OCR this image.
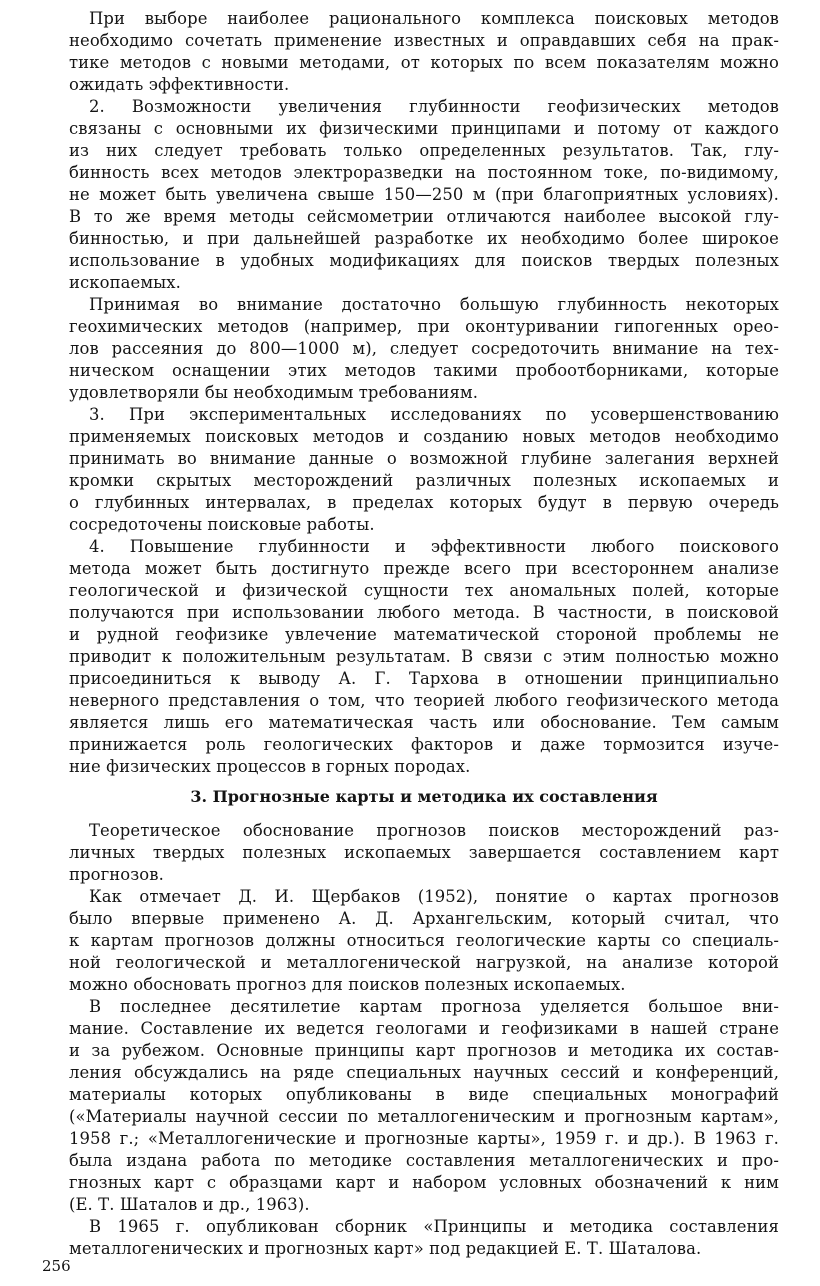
При выборе наиболее рационального комплекса поисковых методов
необходимо сочетать применение известных и оправдавших себя на прак-
тике методов с новыми методами, от которых по всем показателям можно
ожидать эффективности.
2. Возможности увеличения глубинности геофизических методов
связаны с основными их физическими принципами и потому от каждого
из них следует требовать только определенных результатов. Так, глу-
бинность всех методов электроразведки на постоянном токе, по-видимому,
не может быть увеличена свыше 150—250 м (при благоприятных условиях).
В то же время методы сейсмометрии отличаются наиболее высокой глу-
бинностью, и при дальнейшей разработке их необходимо более широкое
использование в удобных модификациях для поисков твердых полезных
ископаемых.
Принимая во внимание достаточно большую глубинность некоторых
геохимических методов (например, при оконтуривании гипогенных орео-
лов рассеяния до 800—1000 м), следует сосредоточить внимание на тех-
ническом оснащении этих методов такими пробоотборниками, которые
удовлетворяли бы необходимым требованиям.
3. При экспериментальных исследованиях по усовершенствованию
применяемых поисковых методов и созданию новых методов необходимо
принимать во внимание данные о возможной глубине залегания верхней
кромки скрытых месторождений различных полезных ископаемых и
о глубинных интервалах, в пределах которых будут в первую очередь
сосредоточены поисковые работы.
4. Повышение глубинности и эффективности любого поискового
метода может быть достигнуто прежде всего при всестороннем анализе
геологической и физической сущности тех аномальных полей, которые
получаются при использовании любого метода. В частности, в поисковой
и рудной геофизике увлечение математической стороной проблемы не
приводит к положительным результатам. В связи с этим полностью можно
присоединиться к выводу А. Г. Тархова в отношении принципиально
неверного представления о том, что теорией любого геофизического метода
является лишь его математическая часть или обоснование. Тем самым
принижается роль геологических факторов и даже тормозится изуче-
ние физических процессов в горных породах.
3. Прогнозные карты и методика их составления
Теоретическое обоснование прогнозов поисков месторождений раз-
личных твердых полезных ископаемых завершается составлением карт
прогнозов.
Как отмечает Д. И. Щербаков (1952), понятие о картах прогнозов
было впервые применено А. Д. Архангельским, который считал, что
к картам прогнозов должны относиться геологические карты со специаль-
ной геологической и металлогенической нагрузкой, на анализе которой
можно обосновать прогноз для поисков полезных ископаемых.
В последнее десятилетие картам прогноза уделяется большое вни-
мание. Составление их ведется геологами и геофизиками в нашей стране
и за рубежом. Основные принципы карт прогнозов и методика их состав-
ления обсуждались на ряде специальных научных сессий и конференций,
материалы которых опубликованы в виде специальных монографий
(«Материалы научной сессии по металлогеническим и прогнозным картам»,
1958 г.; «Металлогенические и прогнозные карты», 1959 г. и др.). В 1963 г.
была издана работа по методике составления металлогенических и про-
гнозных карт с образцами карт и набором условных обозначений к ним
(Е. Т. Шаталов и др., 1963).
В 1965 г. опубликован сборник «Принципы и методика составления
металлогенических и прогнозных карт» под редакцией Е. Т. Шаталова.
256
